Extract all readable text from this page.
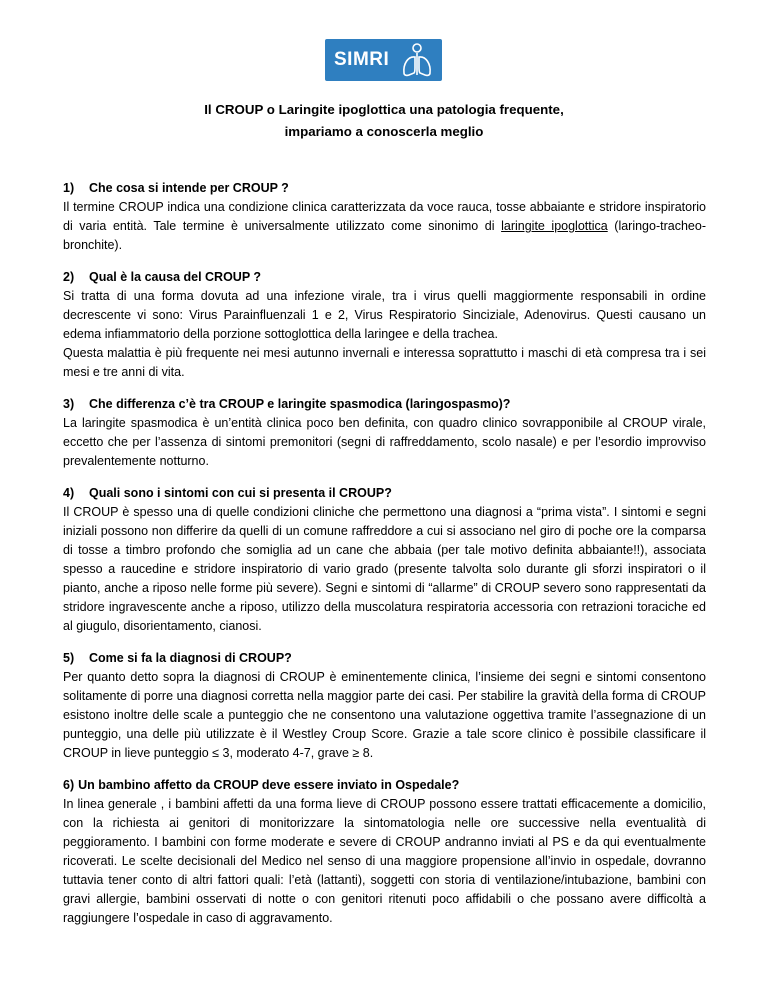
SIMRI
Il CROUP o Laringite ipoglottica una patologia frequente,
impariamo a conoscerla meglio
1)	Che cosa si intende per CROUP ?
Il termine CROUP indica una condizione clinica caratterizzata da voce rauca, tosse abbaiante e stridore inspiratorio di varia entità. Tale termine è universalmente utilizzato come sinonimo di laringite ipoglottica (laringo-tracheo-bronchite).
2)	Qual è la causa del CROUP ?
Si tratta di una forma dovuta ad una infezione virale, tra i virus quelli maggiormente responsabili in ordine decrescente vi sono: Virus Parainfluenzali 1 e 2, Virus Respiratorio Sinciziale, Adenovirus. Questi causano un edema infiammatorio della porzione sottoglottica della laringee e della trachea.
Questa malattia è più frequente nei mesi autunno invernali e interessa soprattutto i maschi di età compresa tra i sei mesi e tre anni di vita.
3)	Che differenza c’è tra CROUP e laringite spasmodica (laringospasmo)?
La laringite spasmodica è un’entità clinica poco ben definita, con quadro clinico sovrapponibile al CROUP virale, eccetto che per l’assenza di sintomi premonitori (segni di raffreddamento, scolo nasale) e per l’esordio improvviso prevalentemente notturno.
4)	Quali sono i sintomi con cui si presenta il CROUP?
Il CROUP è spesso una di quelle condizioni cliniche che permettono una diagnosi a “prima vista”. I sintomi e segni iniziali possono non differire da quelli di un comune raffreddore a cui si associano nel giro di poche ore la comparsa di tosse a timbro profondo che somiglia ad un cane che abbaia (per tale motivo definita abbaiante!!), associata spesso a raucedine e stridore inspiratorio di vario grado (presente talvolta solo durante gli sforzi inspiratori o il pianto, anche a riposo nelle forme più severe). Segni e sintomi di “allarme” di CROUP severo sono rappresentati da stridore ingravescente anche a riposo, utilizzo della muscolatura respiratoria accessoria con retrazioni toraciche ed al giugulo, disorientamento, cianosi.
5)	Come si fa la diagnosi di CROUP?
Per quanto detto sopra la diagnosi di CROUP è eminentemente clinica, l’insieme dei segni e sintomi consentono solitamente di porre una diagnosi corretta nella maggior parte dei casi. Per stabilire la gravità della forma di CROUP esistono inoltre delle scale a punteggio che ne consentono una valutazione oggettiva tramite l’assegnazione di un punteggio, una delle più utilizzate è il Westley Croup Score. Grazie a tale score clinico è possibile classificare il CROUP in lieve punteggio ≤ 3, moderato 4-7, grave ≥ 8.
6) Un bambino affetto da CROUP deve essere inviato in Ospedale?
In linea generale , i bambini affetti da una forma lieve di CROUP possono essere trattati efficacemente a domicilio, con la richiesta ai genitori di monitorizzare la sintomatologia nelle ore successive nella eventualità di peggioramento. I bambini con forme moderate e severe di CROUP andranno inviati al PS e da qui eventualmente ricoverati. Le scelte decisionali del Medico nel senso di una maggiore propensione all’invio in ospedale, dovranno tuttavia tener conto di altri fattori quali: l’età (lattanti), soggetti con storia di ventilazione/intubazione, bambini con gravi allergie, bambini osservati di notte o con genitori ritenuti poco affidabili o che possano avere difficoltà a raggiungere l’ospedale in caso di aggravamento.
